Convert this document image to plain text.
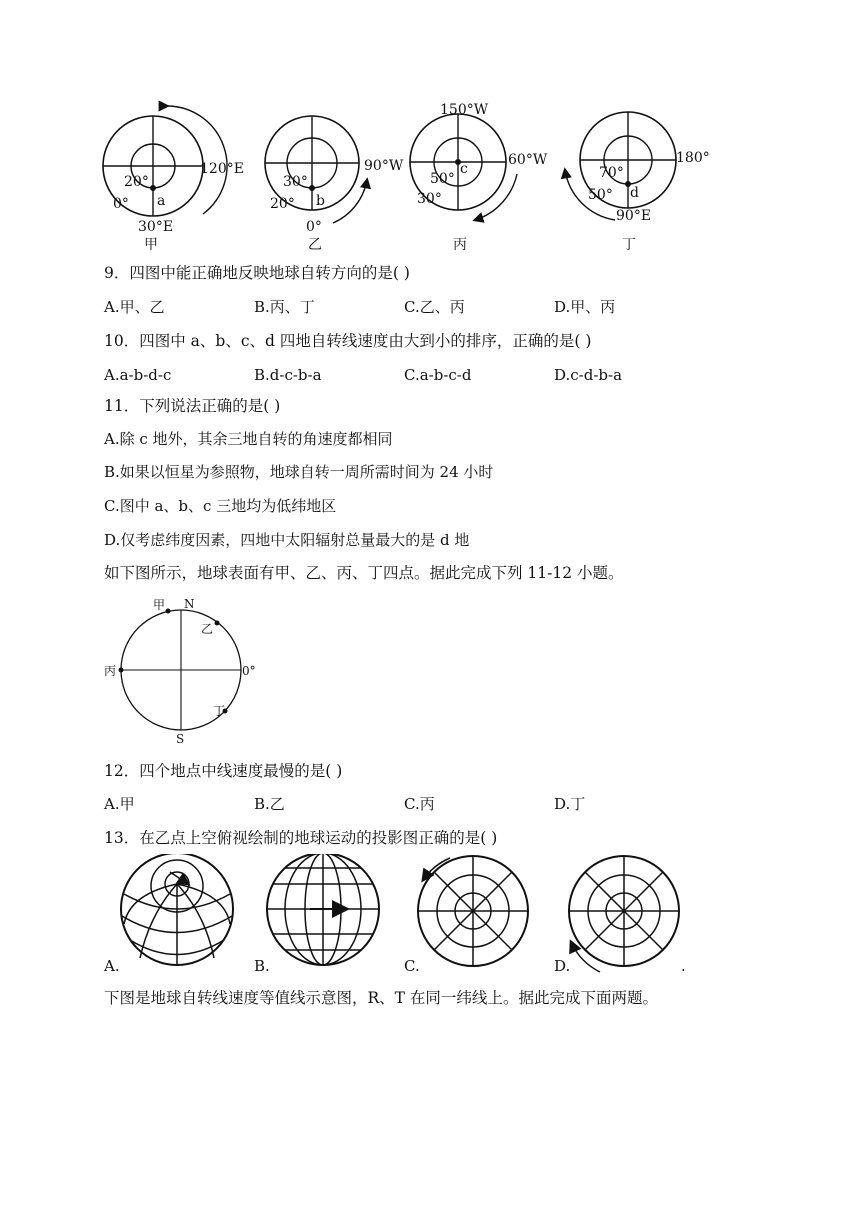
120°E
20°
0° a
30°E
甲
90°W
30°
20° b
0°
乙
150°W
60°W
c
50°
30°
丙
180°
70°
d
50°
90°E
丁
9．四图中能正确地反映地球自转方向的是( )
A.甲、乙	B.丙、丁	C.乙、丙	D.甲、丙
10．四图中 a、b、c、d 四地自转线速度由大到小的排序，正确的是( )
A.a-b-d-c	B.d-c-b-a	C.a-b-c-d	D.c-d-b-a
11．下列说法正确的是( )
A.除 c 地外，其余三地自转的角速度都相同
B.如果以恒星为参照物，地球自转一周所需时间为 24 小时
C.图中 a、b、c 三地均为低纬地区
D.仅考虑纬度因素，四地中太阳辐射总量最大的是 d 地
如下图所示，地球表面有甲、乙、丙、丁四点。据此完成下列 11-12 小题。
甲 N
乙
丙	0°
丁
S
12．四个地点中线速度最慢的是( )
A.甲	B.乙	C.丙	D.丁
13．在乙点上空俯视绘制的地球运动的投影图正确的是( )
A.	B.	C.	D.	.
下图是地球自转线速度等值线示意图，R、T 在同一纬线上。据此完成下面两题。
